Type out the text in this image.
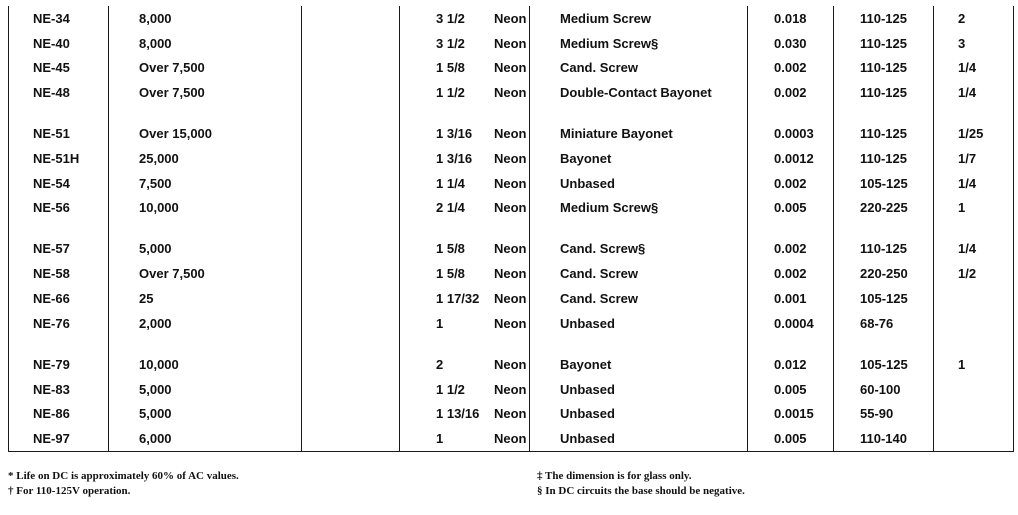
NE-34	8,000	Neon	3 1/2	Medium Screw	0.018	110-125	2
NE-40	8,000	Neon	3 1/2	Medium Screw§	0.030	110-125	3
NE-45	Over 7,500	Neon	1 5/8	Cand. Screw	0.002	110-125	1/4
NE-48	Over 7,500	Neon	1 1/2	Double-Contact Bayonet	0.002	110-125	1/4

NE-51	Over 15,000	Neon	1 3/16	Miniature Bayonet	0.0003	110-125	1/25
NE-51H	25,000	Neon	1 3/16	Bayonet	0.0012	110-125	1/7
NE-54	7,500	Neon	1 1/4	Unbased	0.002	105-125	1/4
NE-56	10,000	Neon	2 1/4	Medium Screw§	0.005	220-225	1

NE-57	5,000	Neon	1 5/8	Cand. Screw§	0.002	110-125	1/4
NE-58	Over 7,500	Neon	1 5/8	Cand. Screw	0.002	220-250	1/2
NE-66	25	Neon	1 17/32	Cand. Screw	0.001	105-125	
NE-76	2,000	Neon	1	Unbased	0.0004	68-76	

NE-79	10,000	Neon	2	Bayonet	0.012	105-125	1
NE-83	5,000	Neon	1 1/2	Unbased	0.005	60-100	
NE-86	5,000	Neon	1 13/16	Unbased	0.0015	55-90	
NE-97	6,000	Neon	1	Unbased	0.005	110-140	
* Life on DC is approximately 60% of AC values.
† For 110-125V operation.
‡ The dimension is for glass only.
§ In DC circuits the base should be negative.
